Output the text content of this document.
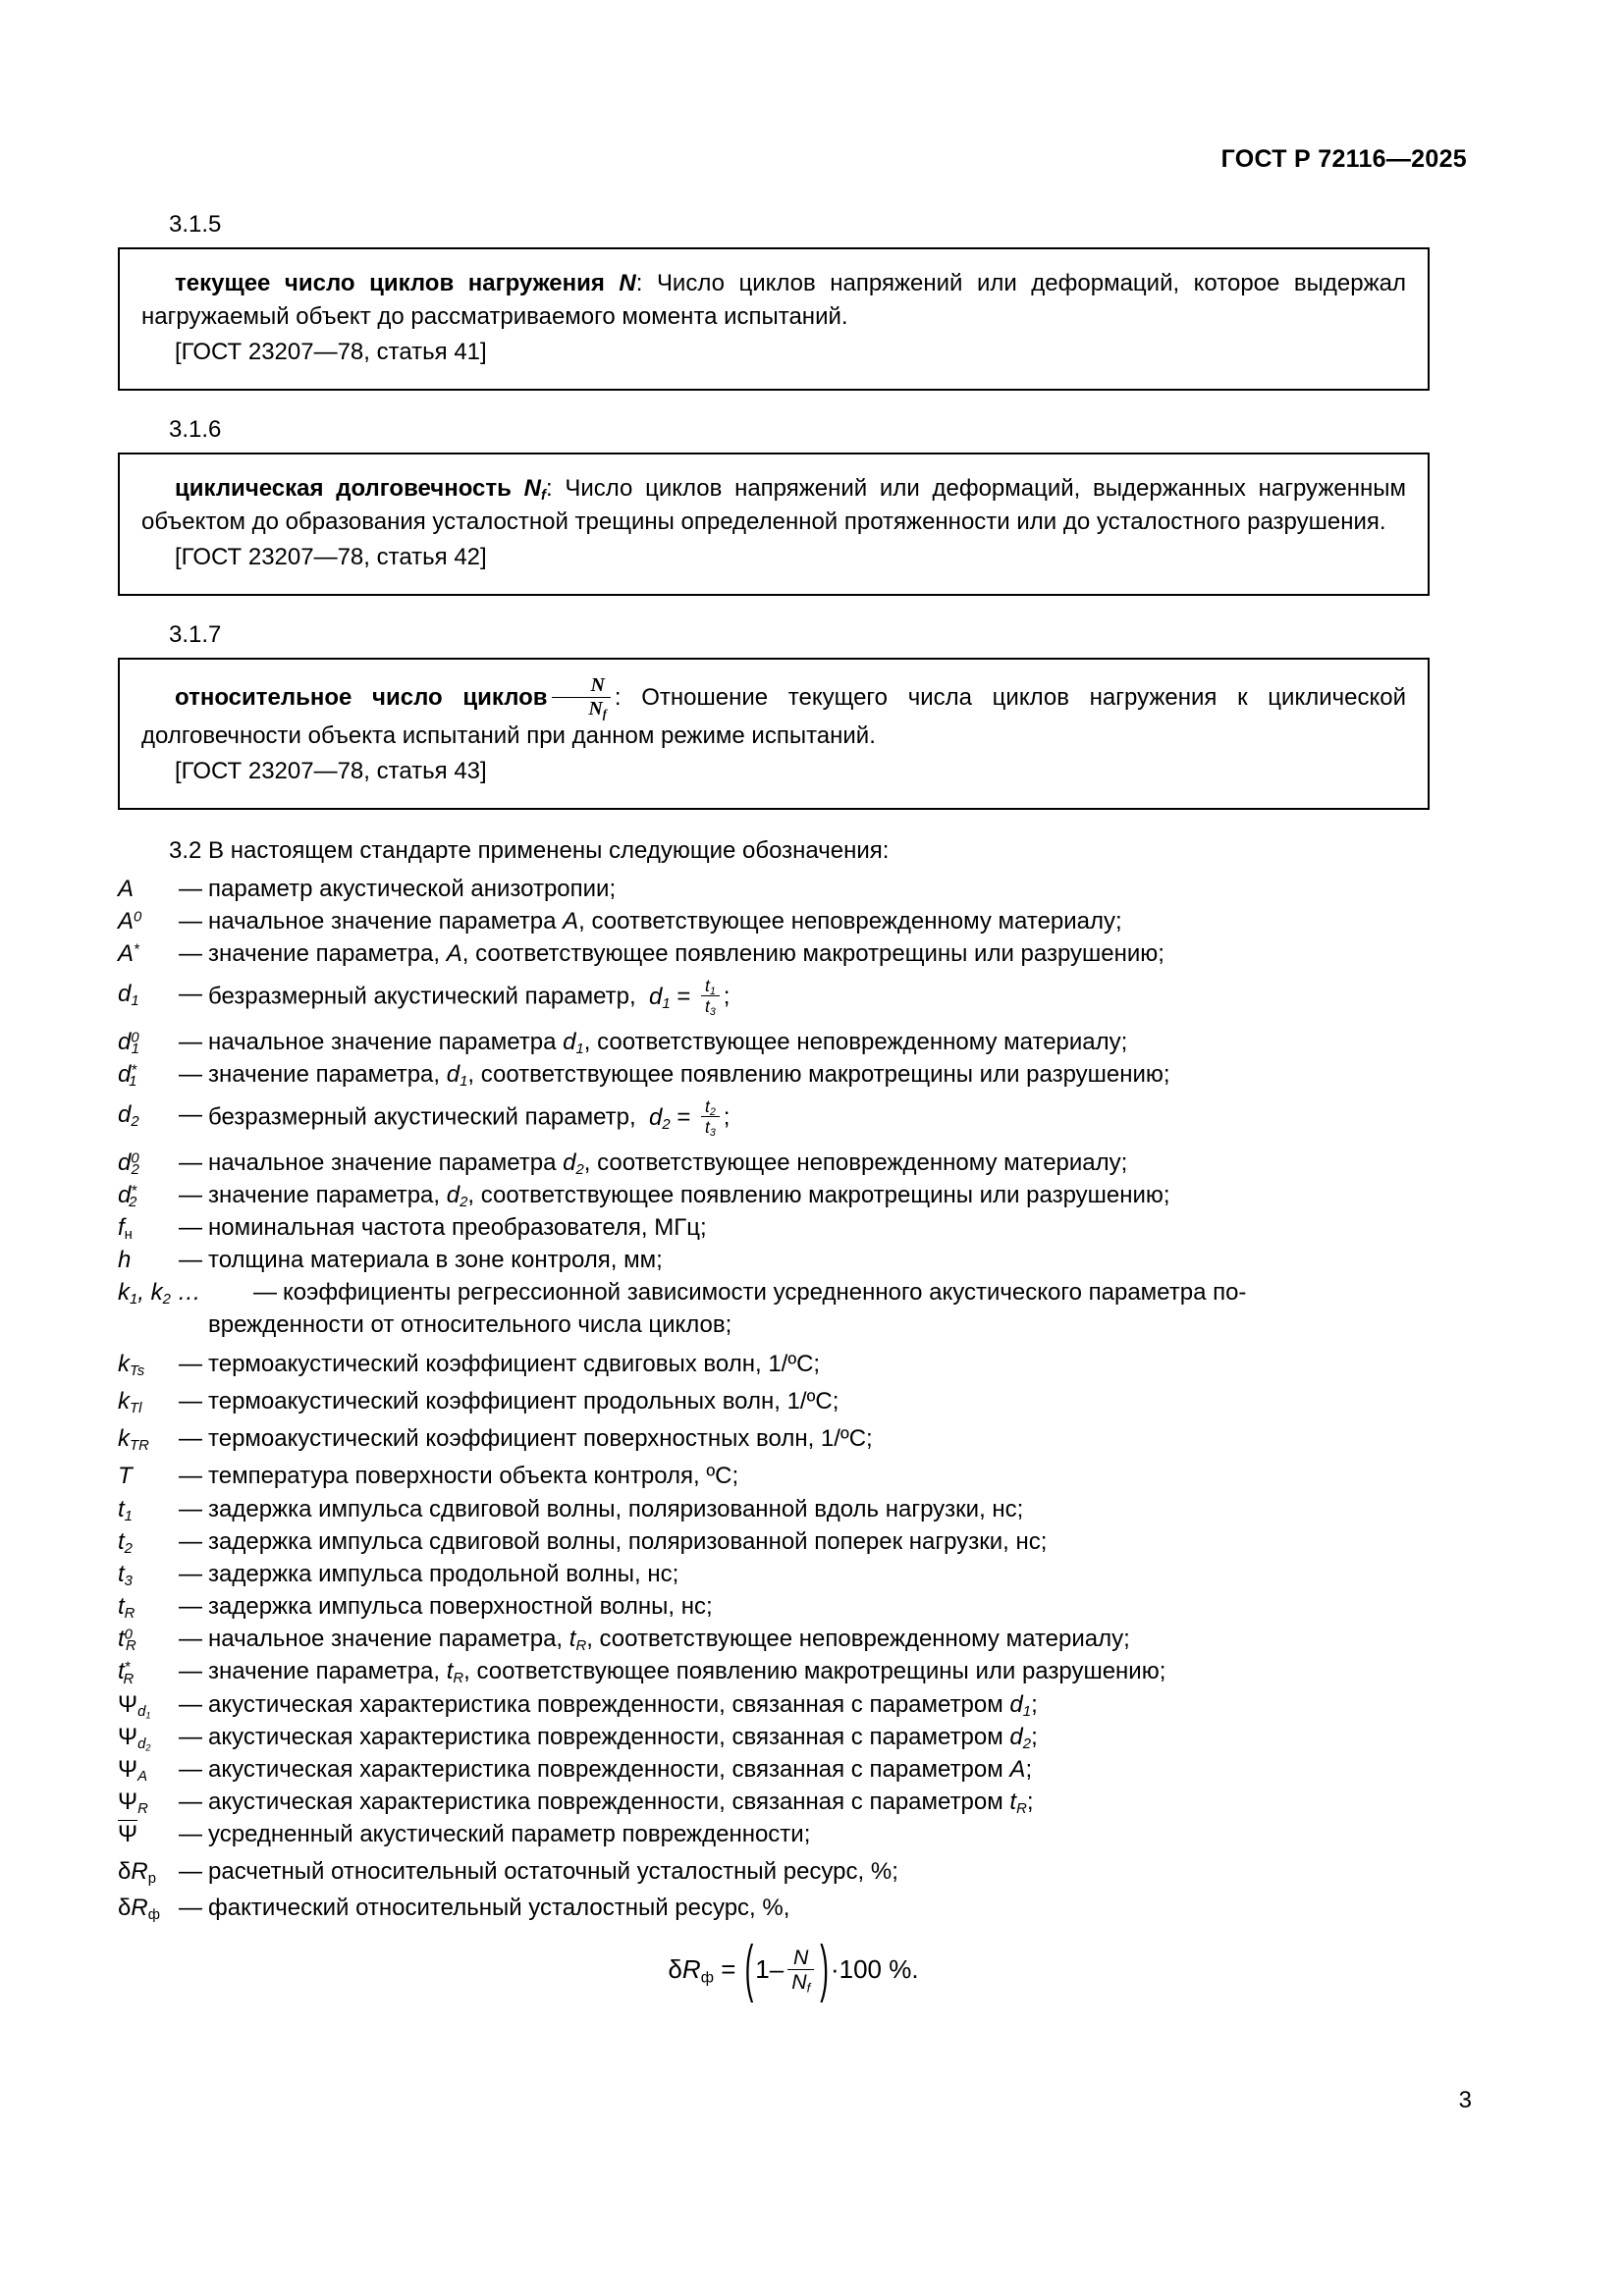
ГОСТ Р 72116—2025
3.1.5

текущее число циклов нагружения N: Число циклов напряжений или деформаций, которое выдержал нагружаемый объект до рассматриваемого момента испытаний.

[ГОСТ 23207—78, статья 41]

3.1.6

циклическая долговечность $N_f$: Число циклов напряжений или деформаций, выдержанных нагруженным объектом до образования усталостной трещины определенной протяженности или до усталостного разрушения.

[ГОСТ 23207—78, статья 42]

3.1.7

относительное число циклов $\frac{N}{N_f}$ : Отношение текущего числа циклов нагружения к циклической долговечности объекта испытаний при данном режиме испытаний.

[ГОСТ 23207—78, статья 43]

3.2 В настоящем стандарте применены следующие обозначения:
A	— параметр акустической анизотропии;
$A^0$	— начальное значение параметра A, соответствующее неповрежденному материалу;
A*	— значение параметра, A, соответствующее появлению макротрещины или разрушению;
$d_1$	— безразмерный акустический параметр,  $d_1 = \frac{t_1}{t_3}$ ;
$d^0_1$	— начальное значение параметра $d_1$, соответствующее неповрежденному материалу;
$d^*_1$	— значение параметра, $d_1$, соответствующее появлению макротрещины или разрушению;
$d_2$	— безразмерный акустический параметр,  $d_2 = \frac{t_2}{t_3}$ ;
$d^0_2$	— начальное значение параметра $d_2$, соответствующее неповрежденному материалу;
$d^*_2$	— значение параметра, $d_2$, соответствующее появлению макротрещины или разрушению;
$f_н$	— номинальная частота преобразователя, МГц;
h	— толщина материала в зоне контроля, мм;
$k_1$, $k_2$ …	— коэффициенты регрессионной зависимости усредненного акустического параметра по-
врежденности от относительного числа циклов;
$k_{Ts}$	— термоакустический коэффициент сдвиговых волн, 1/ºС;
$k_{Tl}$	— термоакустический коэффициент продольных волн, 1/ºС;
$k_{TR}$	— термоакустический коэффициент поверхностных волн, 1/ºС;
T	— температура поверхности объекта контроля, ºС;
$t_1$	— задержка импульса сдвиговой волны, поляризованной вдоль нагрузки, нс;
$t_2$	— задержка импульса сдвиговой волны, поляризованной поперек нагрузки, нс;
$t_3$	— задержка импульса продольной волны, нс;
$t_R$	— задержка импульса поверхностной волны, нс;
$t^0_R$	— начальное значение параметра, $t_R$, соответствующее неповрежденному материалу;
$t^*_R$	— значение параметра, $t_R$, соответствующее появлению макротрещины или разрушению;
$\Psi_{d_1}$	— акустическая характеристика поврежденности, связанная с параметром $d_1$;
$\Psi_{d_2}$	— акустическая характеристика поврежденности, связанная с параметром $d_2$;
$\Psi_A$	— акустическая характеристика поврежденности, связанная с параметром A;
$\Psi_R$	— акустическая характеристика поврежденности, связанная с параметром $t_R$;
Ψ	— усредненный акустический параметр поврежденности;
$\delta R_р$ — расчетный относительный остаточный усталостный ресурс, %;
$\delta R_ф$ — фактический относительный усталостный ресурс, %,
$\delta R_ф = (1- \frac{N}{N_f} )\cdot 100$ %.
3
